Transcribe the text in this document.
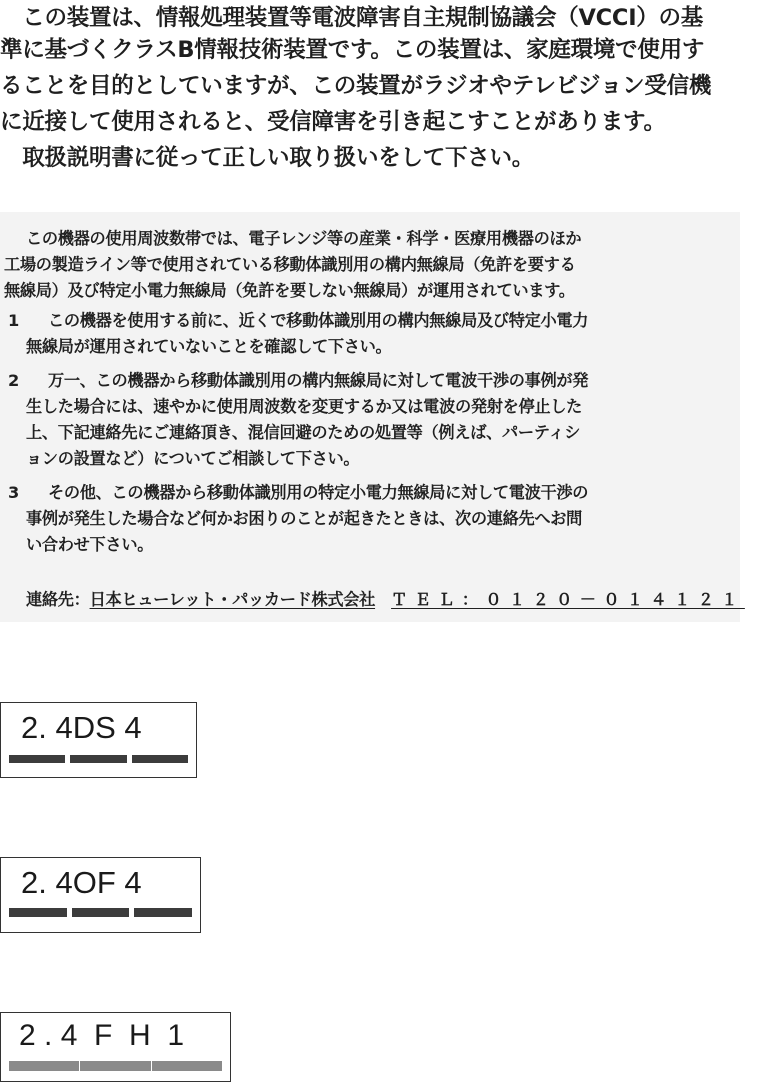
　この装置は、情報処理装置等電波障害自主規制協議会（VCCI）の基
準に基づくクラスB情報技術装置です。この装置は、家庭環境で使用す
ることを目的としていますが、この装置がラジオやテレビジョン受信機
に近接して使用されると、受信障害を引き起こすことがあります。
　取扱説明書に従って正しい取り扱いをして下さい。
この機器の使用周波数帯では、電子レンジ等の産業・科学・医療用機器のほか
工場の製造ライン等で使用されている移動体識別用の構内無線局（免許を要する
無線局）及び特定小電力無線局（免許を要しない無線局）が運用されています。
1 この機器を使用する前に、近くで移動体識別用の構内無線局及び特定小電力
無線局が運用されていないことを確認して下さい。
2 万一、この機器から移動体識別用の構内無線局に対して電波干渉の事例が発
生した場合には、速やかに使用周波数を変更するか又は電波の発射を停止した
上、下記連絡先にご連絡頂き、混信回避のための処置等（例えば、パーティシ
ョンの設置など）についてご相談して下さい。
3 その他、この機器から移動体識別用の特定小電力無線局に対して電波干渉の
事例が発生した場合など何かお困りのことが起きたときは、次の連絡先へお問
い合わせ下さい。
連絡先：日本ヒューレット・パッカード株式会社 ＴＥＬ：０１２０－０１４１２１
2. 4DS 4
2. 4OF 4
2 . 4  F  H  1
